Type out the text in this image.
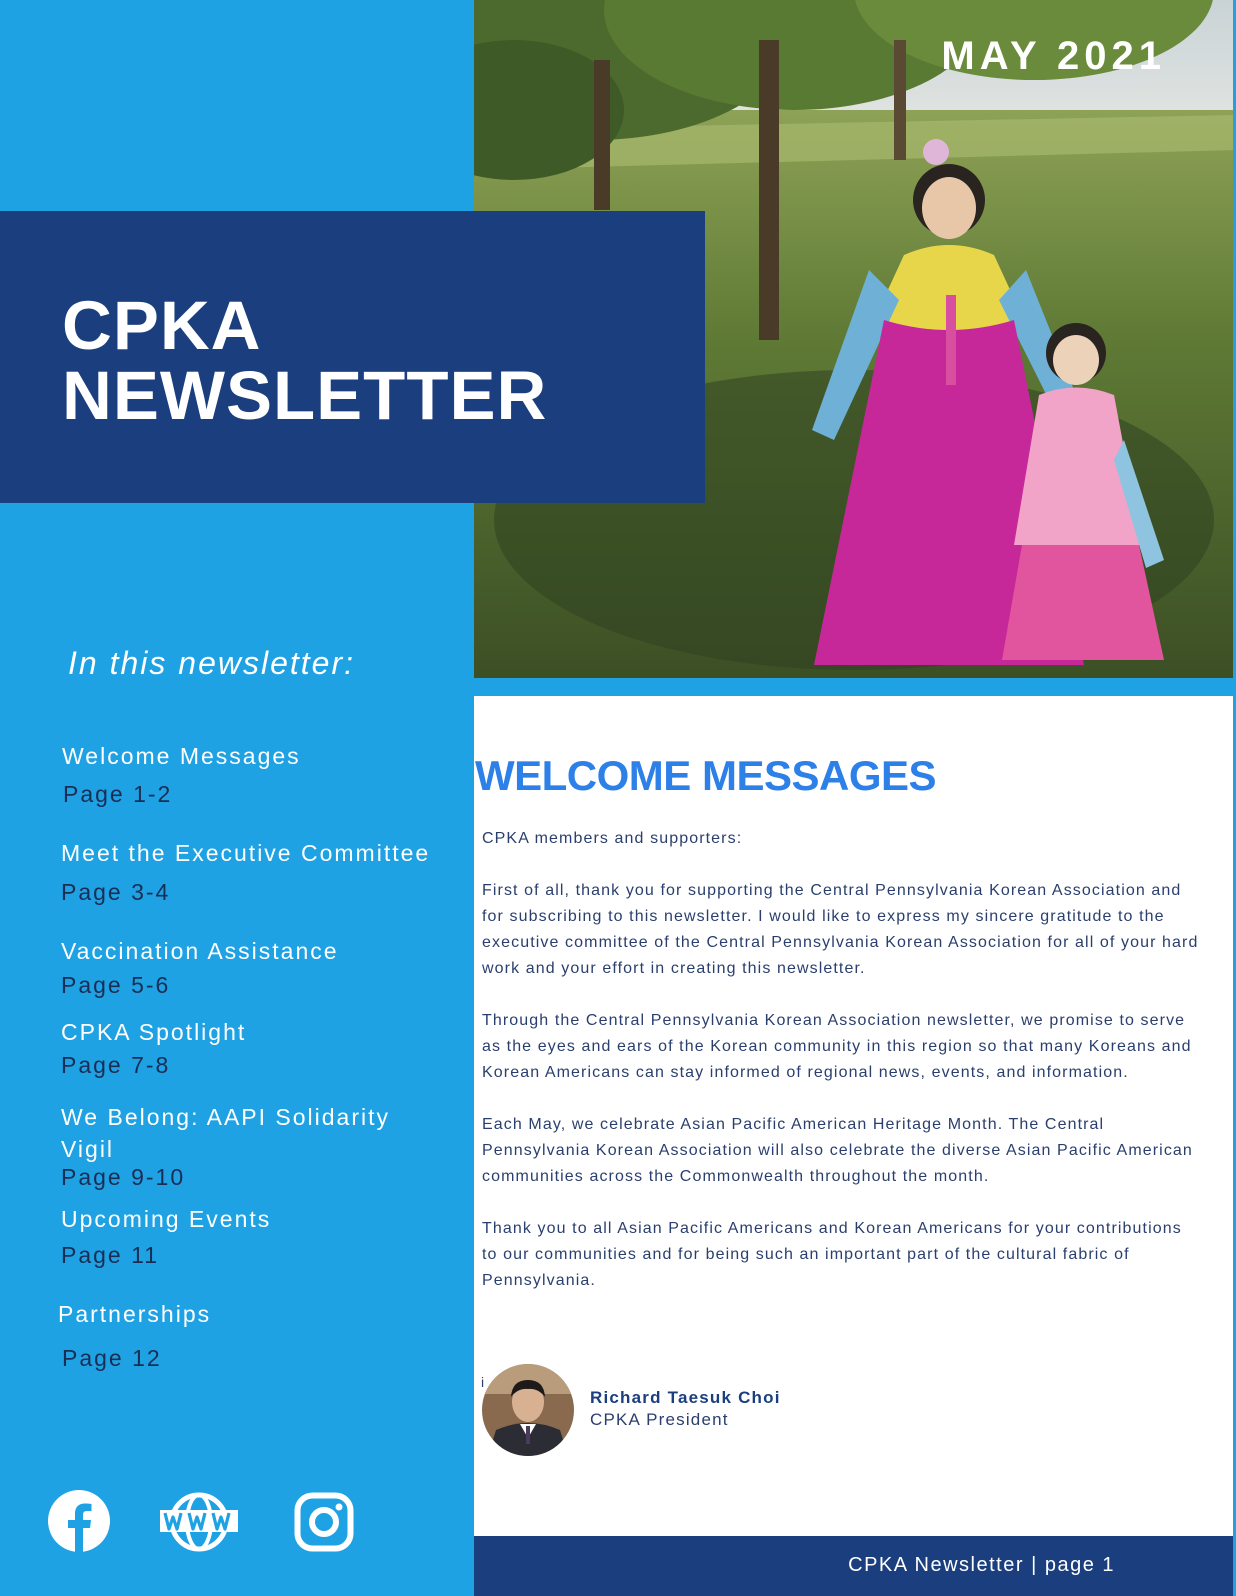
MAY 2021
CPKA
NEWSLETTER
In this newsletter:
Welcome Messages
Page 1-2
Meet the Executive Committee
Page 3-4
Vaccination Assistance
Page 5-6
CPKA Spotlight
Page 7-8
We Belong: AAPI Solidarity
Vigil
Page 9-10
Upcoming Events
Page 11
Partnerships
Page 12
WELCOME MESSAGES

CPKA members and supporters:

First of all, thank you for supporting the Central Pennsylvania Korean Association and for subscribing to this newsletter. I would like to express my sincere gratitude to the executive committee of the Central Pennsylvania Korean Association for all of your hard work and your effort in creating this newsletter.

Through the Central Pennsylvania Korean Association newsletter, we promise to serve as the eyes and ears of the Korean community in this region so that many Koreans and Korean Americans can stay informed of regional news, events, and information.

Each May, we celebrate Asian Pacific American Heritage Month. The Central Pennsylvania Korean Association will also celebrate the diverse Asian Pacific American communities across the Commonwealth throughout the month.

Thank you to all Asian Pacific Americans and Korean Americans for your contributions to our communities and for being such an important part of the cultural fabric of Pennsylvania.

i
Richard Taesuk Choi
CPKA President
CPKA Newsletter | page 1
